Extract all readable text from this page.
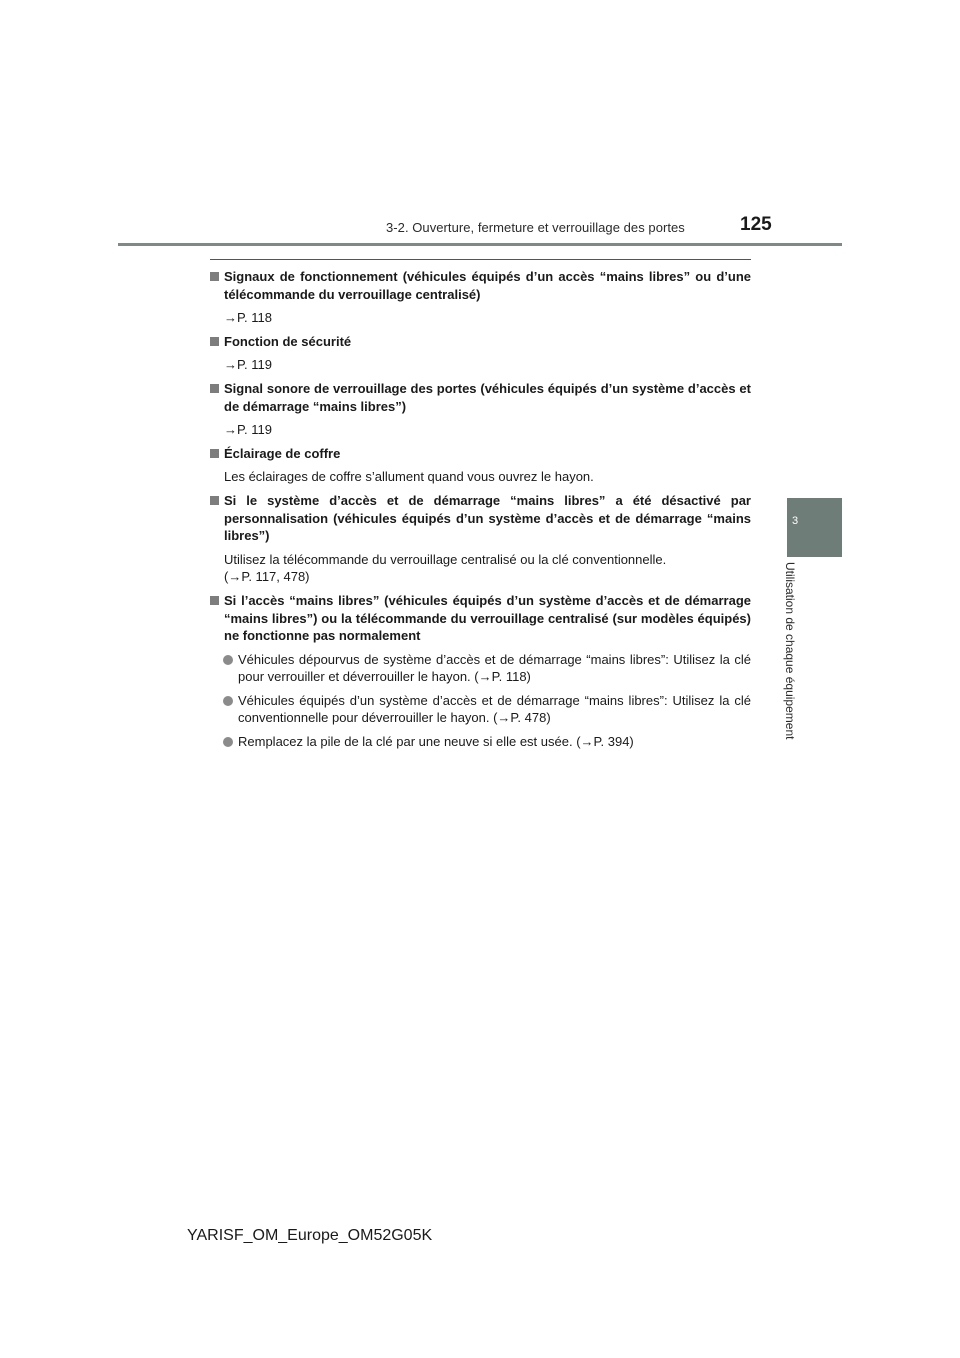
3-2. Ouverture, fermeture et verrouillage des portes	125
3
Utilisation de chaque équipement
Signaux de fonctionnement (véhicules équipés d’un accès “mains libres” ou d’une télécommande du verrouillage centralisé)
→P. 118
Fonction de sécurité
→P. 119
Signal sonore de verrouillage des portes (véhicules équipés d’un système d’accès et de démarrage “mains libres”)
→P. 119
Éclairage de coffre
Les éclairages de coffre s’allument quand vous ouvrez le hayon.
Si le système d’accès et de démarrage “mains libres” a été désactivé par personnalisation (véhicules équipés d’un système d’accès et de démarrage “mains libres”)
Utilisez la télécommande du verrouillage centralisé ou la clé conventionnelle.
(→P. 117, 478)
Si l’accès “mains libres” (véhicules équipés d’un système d’accès et de démarrage “mains libres”) ou la télécommande du verrouillage centralisé (sur modèles équipés) ne fonctionne pas normalement
Véhicules dépourvus de système d’accès et de démarrage “mains libres”: Utilisez la clé pour verrouiller et déverrouiller le hayon. (→P. 118)
Véhicules équipés d’un système d’accès et de démarrage “mains libres”: Utilisez la clé conventionnelle pour déverrouiller le hayon. (→P. 478)
Remplacez la pile de la clé par une neuve si elle est usée. (→P. 394)
YARISF_OM_Europe_OM52G05K
